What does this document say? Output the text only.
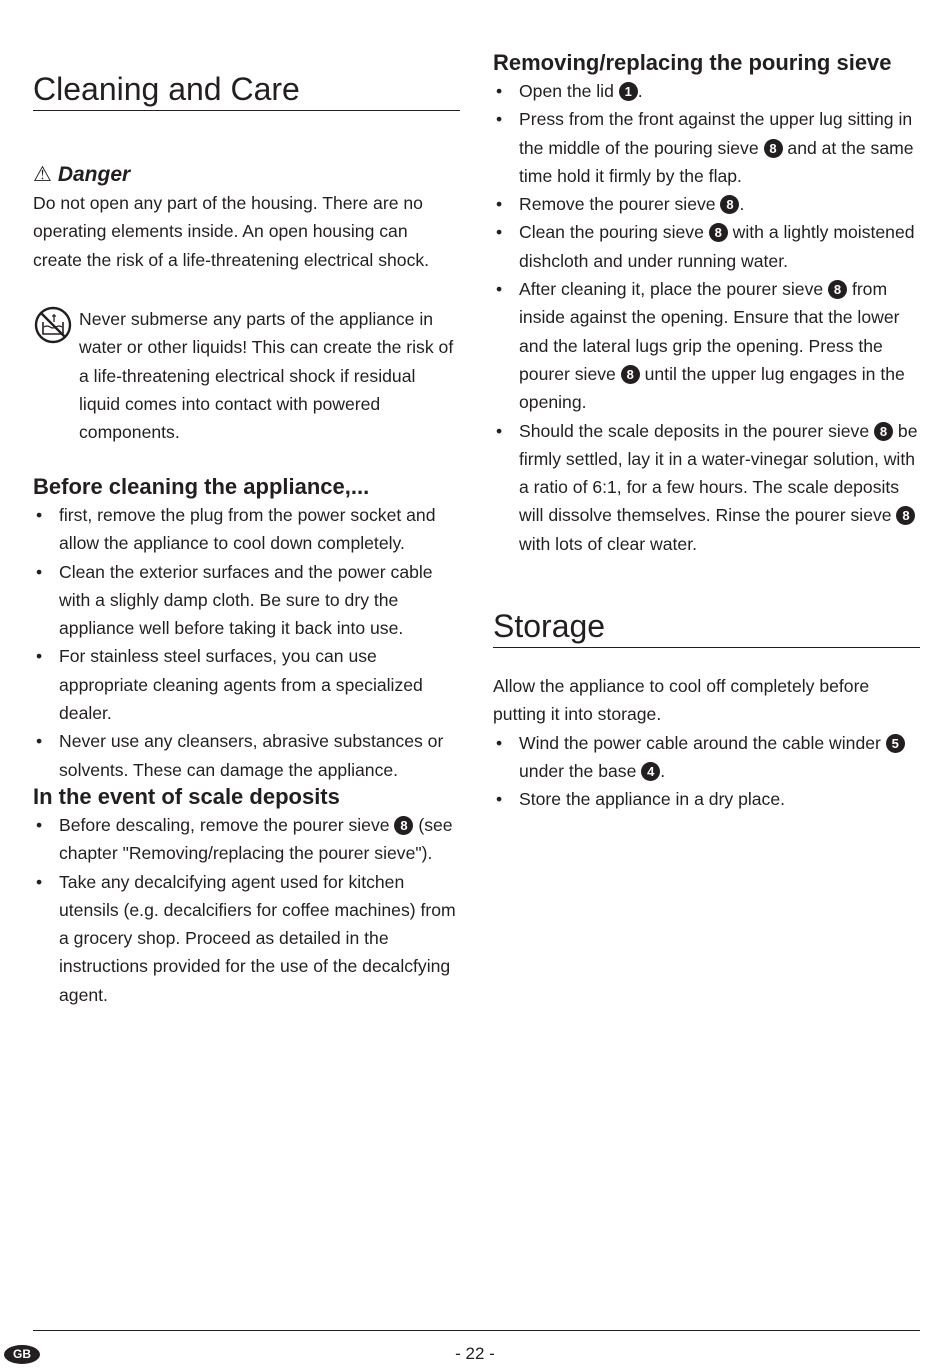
Cleaning and Care
⚠ Danger

Do not open any part of the housing. There are no operating elements inside. An open housing can create the risk of a life-threatening electrical shock.

Never submerse any parts of the appliance in water or other liquids! This can create the risk of a life-threatening electrical shock if residual liquid comes into contact with powered components.

Before cleaning the appliance,...
• first, remove the plug from the power socket and allow the appliance to cool down completely.
• Clean the exterior surfaces and the power cable with a slighly damp cloth. Be sure to dry the appliance well before taking it back into use.
• For stainless steel surfaces, you can use appropriate cleaning agents from a specialized dealer.
• Never use any cleansers, abrasive substances or solvents. These can damage the appliance.
In the event of scale deposits
• Before descaling, remove the pourer sieve 8 (see chapter "Removing/replacing the pourer sieve").
• Take any decalcifying agent used for kitchen utensils (e.g. decalcifiers for coffee machines) from a grocery shop. Proceed as detailed in the instructions provided for the use of the decalcfying agent.
Removing/replacing the pouring sieve
• Open the lid 1 .
• Press from the front against the upper lug sitting in the middle of the pouring sieve 8 and at the same time hold it firmly by the flap.
• Remove the pourer sieve 8 .
• Clean the pouring sieve 8 with a lightly moistened dishcloth and under running water.
• After cleaning it, place the pourer sieve 8 from inside against the opening. Ensure that the lower and the lateral lugs grip the opening. Press the pourer sieve 8 until the upper lug engages in the opening.
• Should the scale deposits in the pourer sieve 8 be firmly settled, lay it in a water-vinegar solution, with a ratio of 6:1, for a few hours. The scale deposits will dissolve themselves. Rinse the pourer sieve 8 with lots of clear water.
Storage

Allow the appliance to cool off completely before putting it into storage.

• Wind the power cable around the cable winder 5 under the base 4 .
• Store the appliance in a dry place.
GB	- 22 -
